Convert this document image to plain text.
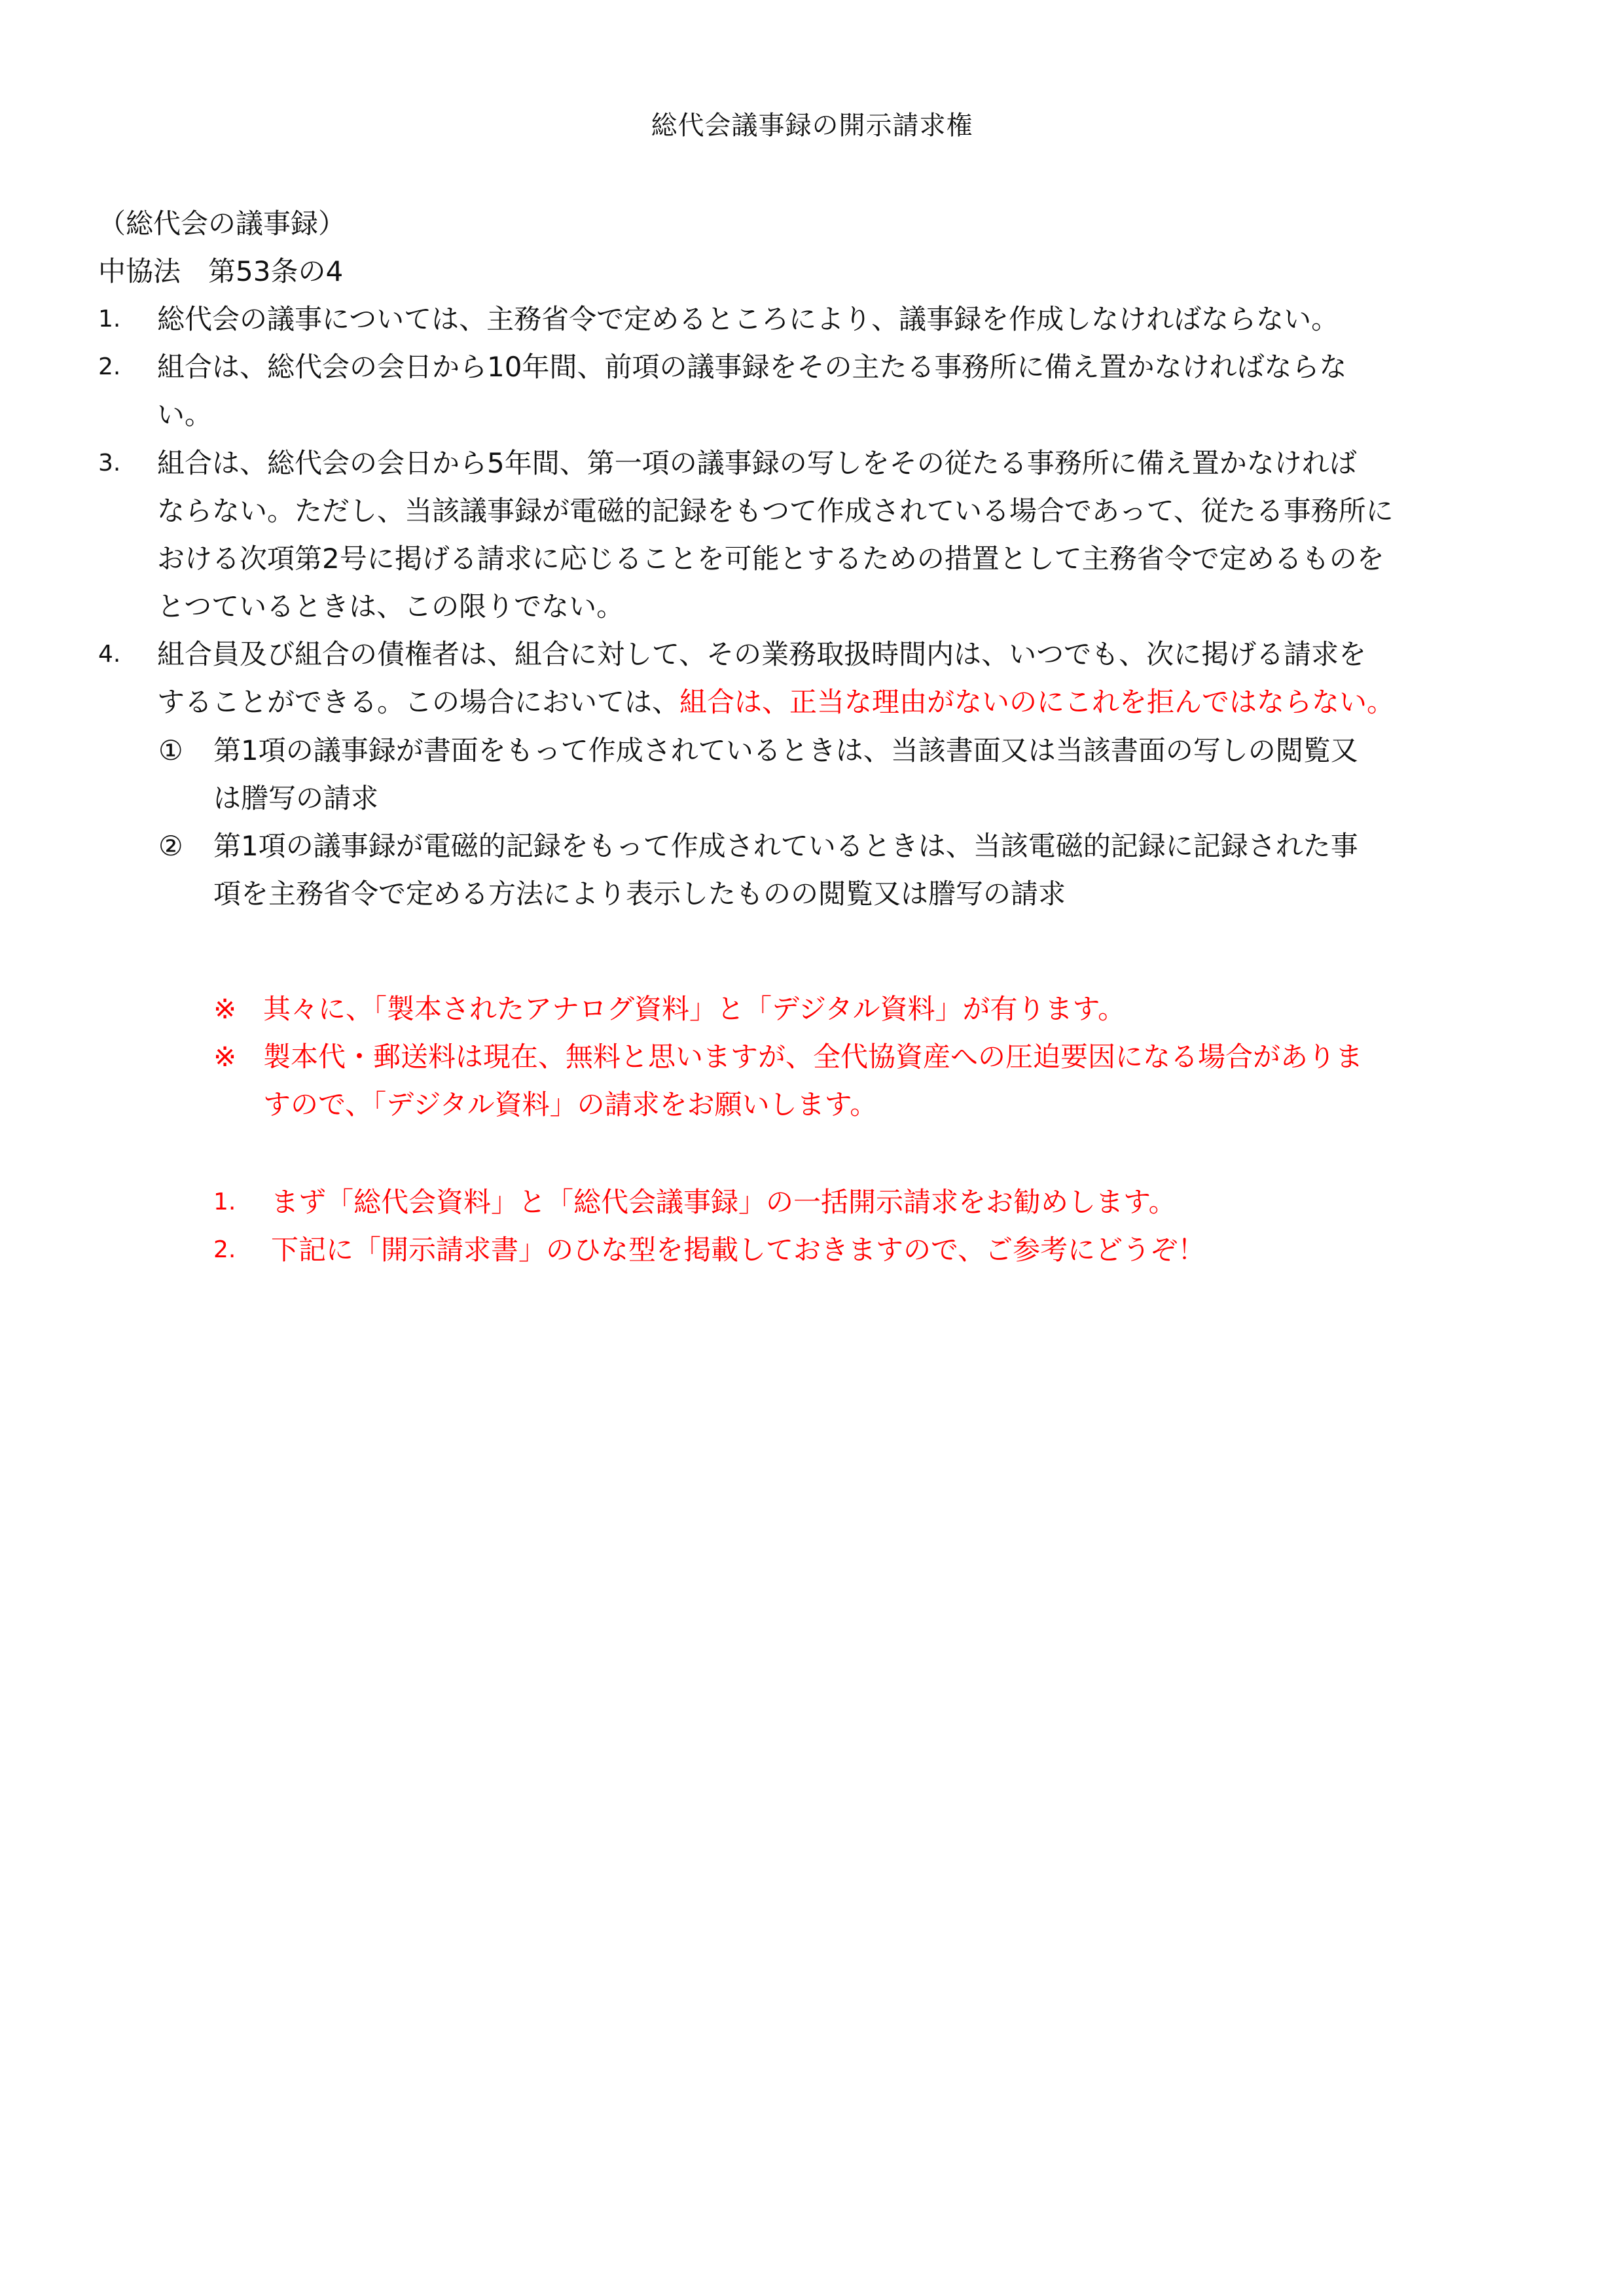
総代会議事録の開示請求権
（総代会の議事録）
中協法　第53条の4
1. 総代会の議事については、主務省令で定めるところにより、議事録を作成しなければならない。
2. 組合は、総代会の会日から10年間、前項の議事録をその主たる事務所に備え置かなければならな
い。
3. 組合は、総代会の会日から5年間、第一項の議事録の写しをその従たる事務所に備え置かなければ
ならない。ただし、当該議事録が電磁的記録をもつて作成されている場合であって、従たる事務所に
おける次項第2号に掲げる請求に応じることを可能とするための措置として主務省令で定めるものを
とつているときは、この限りでない。
4. 組合員及び組合の債権者は、組合に対して、その業務取扱時間内は、いつでも、次に掲げる請求を
することができる。この場合においては、組合は、正当な理由がないのにこれを拒んではならない。
① 第1項の議事録が書面をもって作成されているときは、当該書面又は当該書面の写しの閲覧又
は謄写の請求
② 第1項の議事録が電磁的記録をもって作成されているときは、当該電磁的記録に記録された事
項を主務省令で定める方法により表示したものの閲覧又は謄写の請求
※ 其々に、「製本されたアナログ資料」と「デジタル資料」が有ります。
※ 製本代・郵送料は現在、無料と思いますが、全代協資産への圧迫要因になる場合がありま
すので、「デジタル資料」の請求をお願いします。
1. まず「総代会資料」と「総代会議事録」の一括開示請求をお勧めします。
2. 下記に「開示請求書」のひな型を掲載しておきますので、ご参考にどうぞ！
